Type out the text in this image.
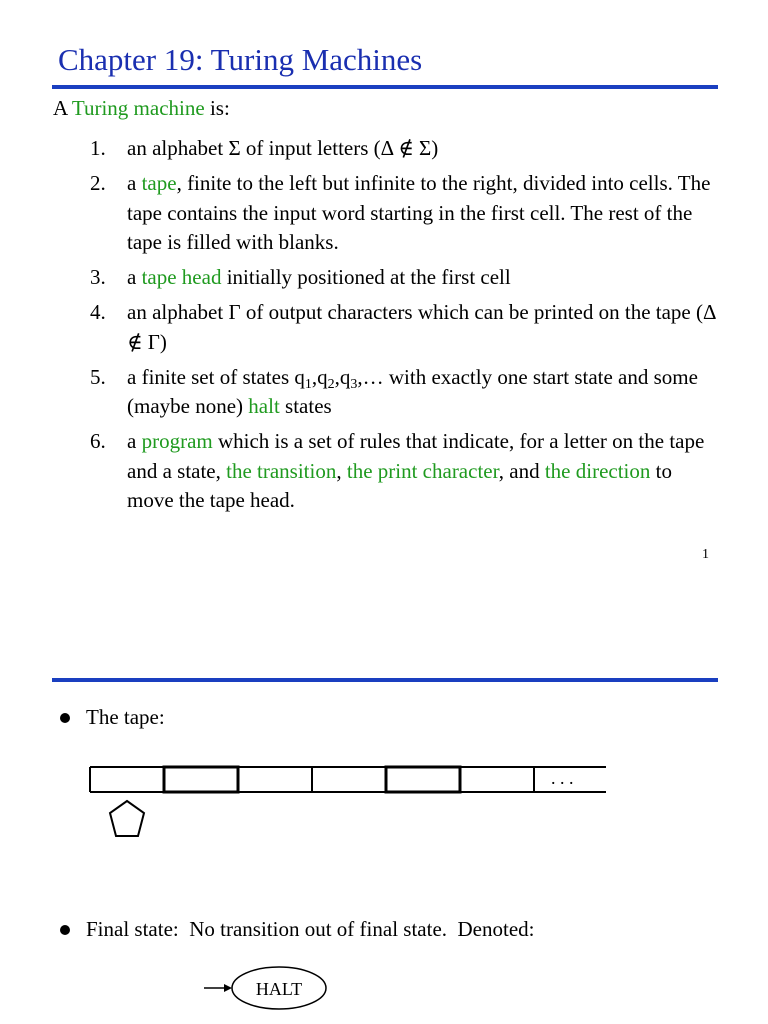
Chapter 19: Turing Machines
A Turing machine is:
1.	an alphabet Σ of input letters (Δ ∉ Σ)
2.	a tape, finite to the left but infinite to the right, divided into cells. The tape contains the input word starting in the first cell. The rest of the tape is filled with blanks.
3.	a tape head initially positioned at the first cell
4.	an alphabet Γ of output characters which can be printed on the tape (Δ ∉ Γ)
5.	a finite set of states $q_1,q_2,q_3,\dots$ with exactly one start state and some (maybe none) halt states
6.	a program which is a set of rules that indicate, for a letter on the tape and a state, the transition, the print character, and the direction to move the tape head.
1
The tape:
. . .
HALT
Final state:  No transition out of final state.  Denoted:
